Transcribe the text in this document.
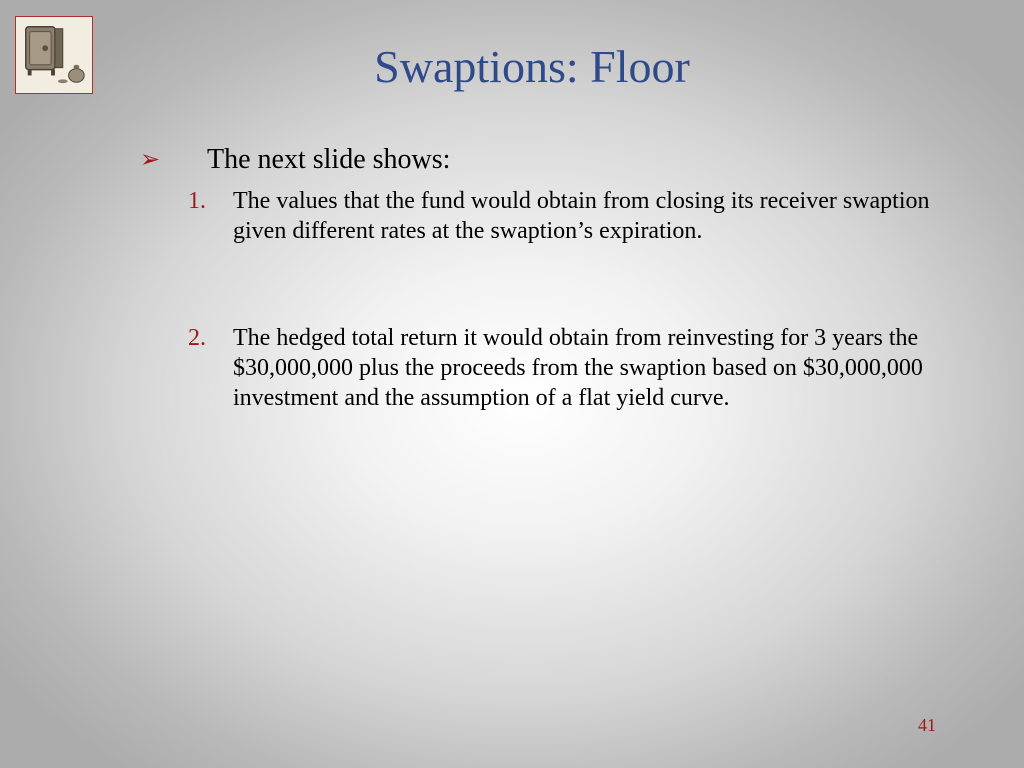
Swaptions: Floor
➢ The next slide shows:
1. The values that the fund would obtain from closing its receiver swaption given different rates at the swaption’s expiration.
2. The hedged total return it would obtain from reinvesting for 3 years the $30,000,000 plus the proceeds from the swaption based on $30,000,000 investment and the assumption of a flat yield curve.
41
